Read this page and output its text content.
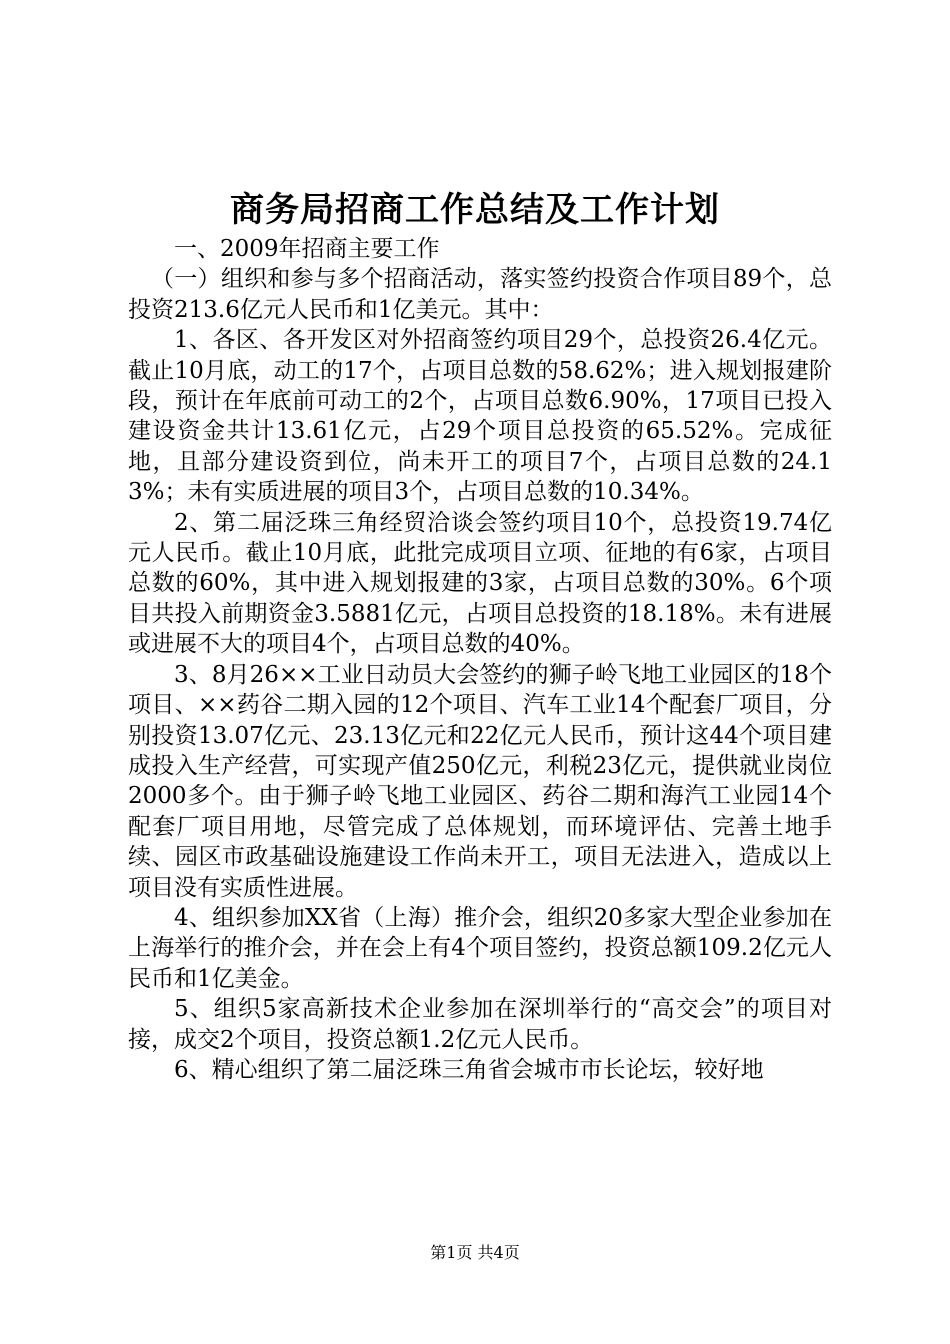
商务局招商工作总结及工作计划

一、2009年招商主要工作

（一）组织和参与多个招商活动，落实签约投资合作项目89个，总投资213.6亿元人民币和1亿美元。其中：

1、各区、各开发区对外招商签约项目29个，总投资26.4亿元。截止10月底，动工的17个，占项目总数的58.62%；进入规划报建阶段，预计在年底前可动工的2个，占项目总数6.90%，17项目已投入建设资金共计13.61亿元，占29个项目总投资的65.52%。完成征地，且部分建设资到位，尚未开工的项目7个，占项目总数的24.13%；未有实质进展的项目3个，占项目总数的10.34%。

2、第二届泛珠三角经贸洽谈会签约项目10个，总投资19.74亿元人民币。截止10月底，此批完成项目立项、征地的有6家，占项目总数的60%，其中进入规划报建的3家，占项目总数的30%。6个项目共投入前期资金3.5881亿元，占项目总投资的18.18%。未有进展或进展不大的项目4个，占项目总数的40%。

3、8月26××工业日动员大会签约的狮子岭飞地工业园区的18个项目、××药谷二期入园的12个项目、汽车工业14个配套厂项目，分别投资13.07亿元、23.13亿元和22亿元人民币，预计这44个项目建成投入生产经营，可实现产值250亿元，利税23亿元，提供就业岗位2000多个。由于狮子岭飞地工业园区、药谷二期和海汽工业园14个配套厂项目用地，尽管完成了总体规划，而环境评估、完善土地手续、园区市政基础设施建设工作尚未开工，项目无法进入，造成以上项目没有实质性进展。

4、组织参加XX省（上海）推介会，组织20多家大型企业参加在上海举行的推介会，并在会上有4个项目签约，投资总额109.2亿元人民币和1亿美金。

5、组织5家高新技术企业参加在深圳举行的“高交会”的项目对接，成交2个项目，投资总额1.2亿元人民币。

6、精心组织了第二届泛珠三角省会城市市长论坛，较好地

第1页 共4页
